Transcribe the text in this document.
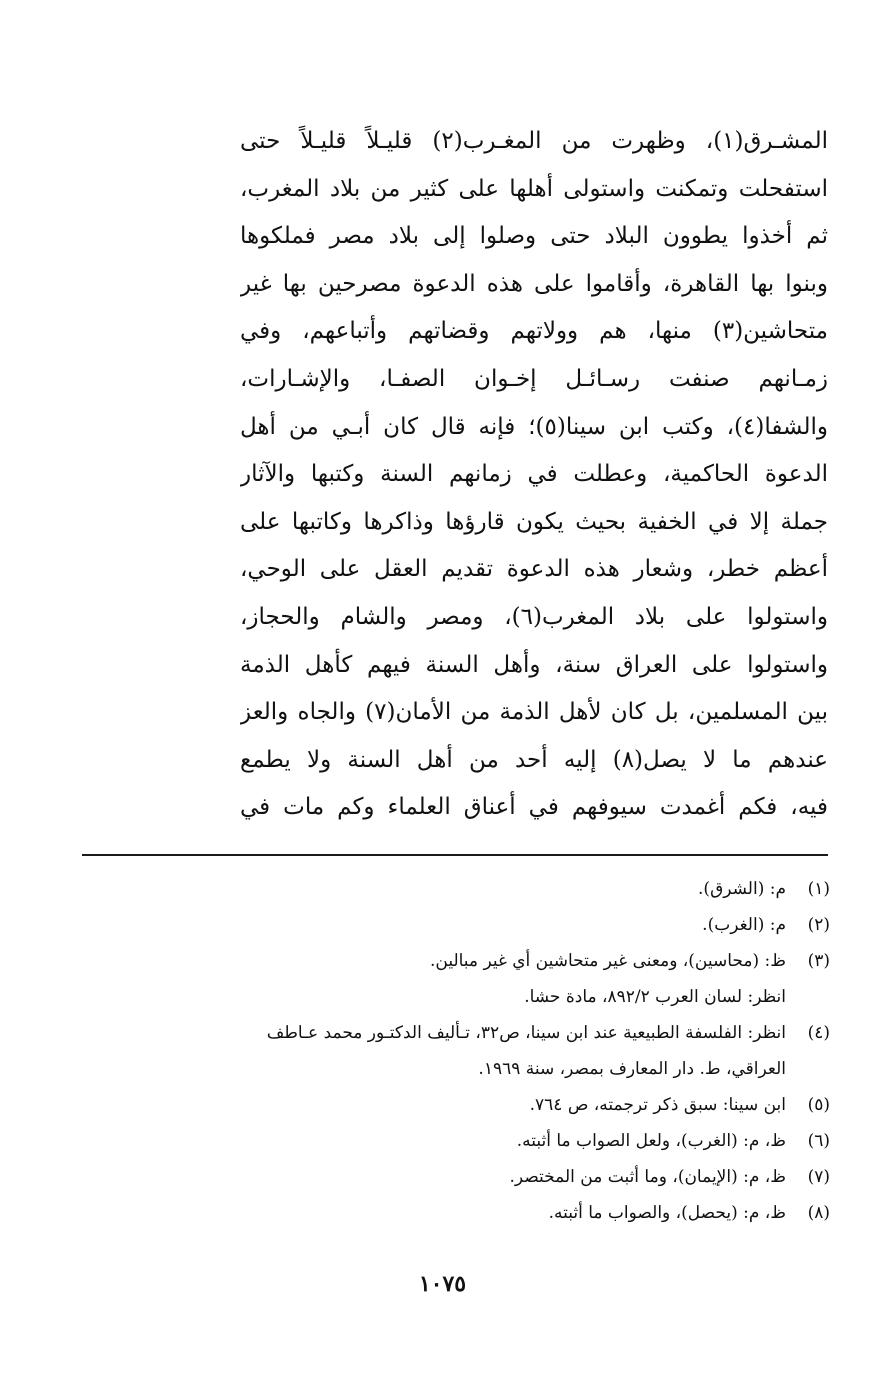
المشـرق(١)، وظهرت من المغـرب(٢) قليـلاً قليـلاً حتى
استفحلت وتمكنت واستولى أهلها على كثير من بلاد المغرب،
ثم أخذوا يطوون البلاد حتى وصلوا إلى بلاد مصر فملكوها
وبنوا بها القاهرة، وأقاموا على هذه الدعوة مصرحين بها غير
متحاشين(٣) منها، هم وولاتهم وقضاتهم وأتباعهم، وفي
زمـانهم صنفت رسـائـل إخـوان الصفـا، والإشـارات،
والشفا(٤)، وكتب ابن سينا(٥)؛ فإنه قال كان أبـي من أهل
الدعوة الحاكمية، وعطلت في زمانهم السنة وكتبها والآثار
جملة إلا في الخفية بحيث يكون قارؤها وذاكرها وكاتبها على
أعظم خطر، وشعار هذه الدعوة تقديم العقل على الوحي،
واستولوا على بلاد المغرب(٦)، ومصر والشام والحجاز،
واستولوا على العراق سنة، وأهل السنة فيهم كأهل الذمة
بين المسلمين، بل كان لأهل الذمة من الأمان(٧) والجاه والعز
عندهم ما لا يصل(٨) إليه أحد من أهل السنة ولا يطمع
فيه، فكم أغمدت سيوفهم في أعناق العلماء وكم مات في
(١)م: (الشرق).
(٢)م: (الغرب).
(٣)ظ: (محاسين)، ومعنى غير متحاشين أي غير مبالين.
انظر: لسان العرب ٨٩٢/٢، مادة حشا.
(٤)انظر: الفلسفة الطبيعية عند ابن سينا، ص٣٢، تـأليف الدكتـور محمد عـاطف
العراقي، ط. دار المعارف بمصر، سنة ١٩٦٩.
(٥)ابن سينا: سبق ذكر ترجمته، ص ٧٦٤.
(٦)ظ، م: (الغرب)، ولعل الصواب ما أثبته.
(٧)ظ، م: (الإيمان)، وما أثبت من المختصر.
(٨)ظ، م: (يحصل)، والصواب ما أثبته.
١٠٧٥
